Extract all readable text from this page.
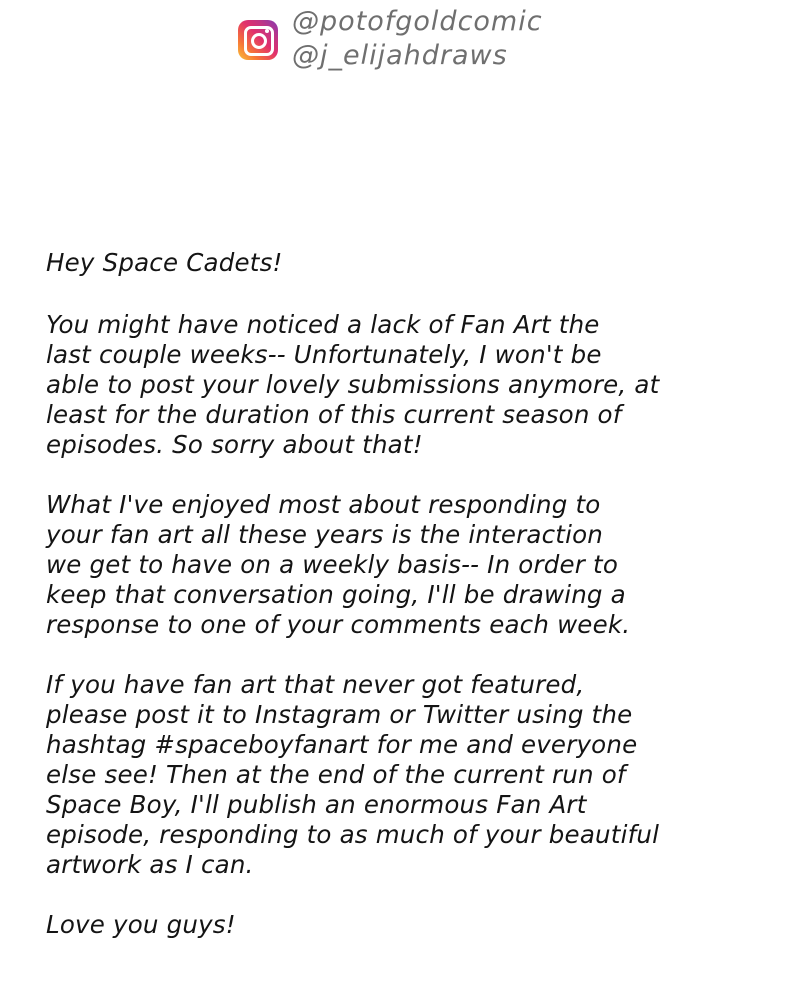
@potofgoldcomic
@j_elijahdraws

Hey Space Cadets!

You might have noticed a lack of Fan Art the
last couple weeks-- Unfortunately, I won't be
able to post your lovely submissions anymore, at
least for the duration of this current season of
episodes. So sorry about that!

What I've enjoyed most about responding to
your fan art all these years is the interaction
we get to have on a weekly basis-- In order to
keep that conversation going, I'll be drawing a
response to one of your comments each week.

If you have fan art that never got featured,
please post it to Instagram or Twitter using the
hashtag #spaceboyfanart for me and everyone
else see! Then at the end of the current run of
Space Boy, I'll publish an enormous Fan Art
episode, responding to as much of your beautiful
artwork as I can.

Love you guys!
